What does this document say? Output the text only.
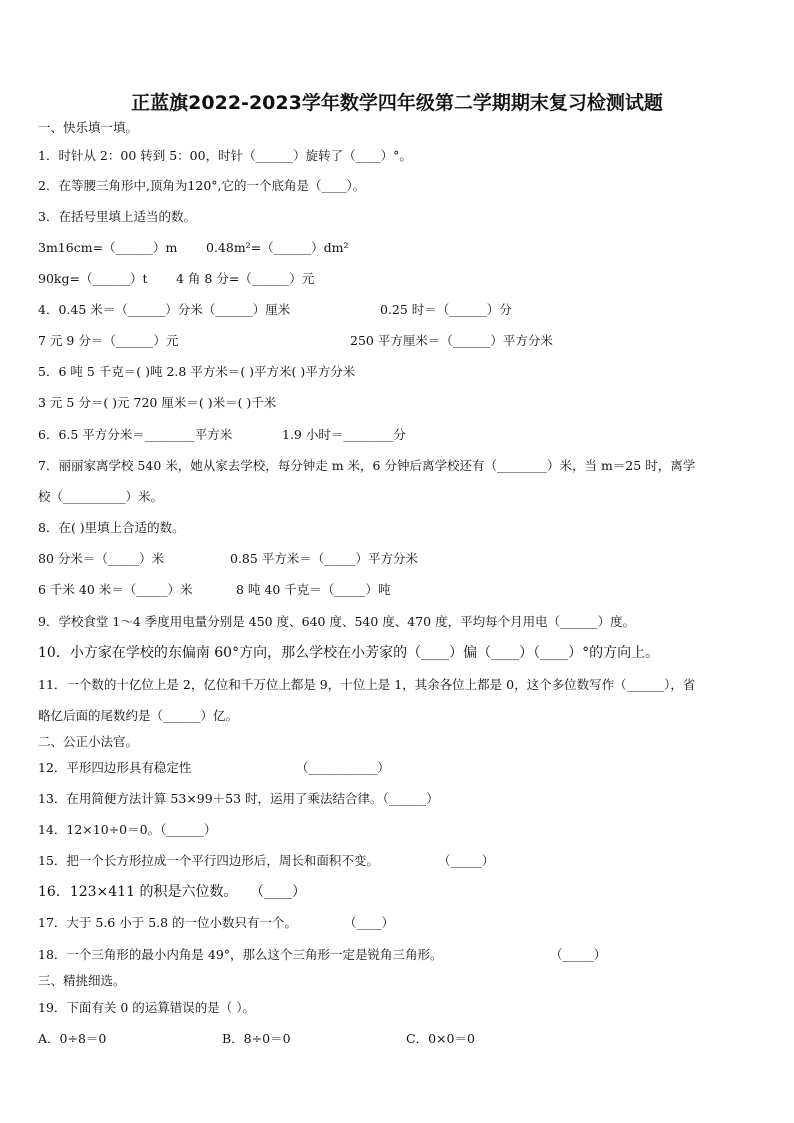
正蓝旗2022-2023学年数学四年级第二学期期末复习检测试题
一、快乐填一填。
1．时针从 2：00 转到 5：00，时针（______）旋转了（____）°。
2．在等腰三角形中,顶角为120°,它的一个底角是（____）。
3．在括号里填上适当的数。
3m16cm=（______）m 0.48m²=（______）dm²
90kg=（______）t 4 角 8 分=（______）元
4．0.45 米＝（______）分米（______）厘米	0.25 时＝（______）分
7 元 9 分＝（______）元	250 平方厘米＝（______）平方分米
5．6 吨 5 千克＝( )吨 2.8 平方米＝( )平方米( )平方分米
3 元 5 分＝( )元 720 厘米＝( )米＝( )千米
6．6.5 平方分米＝________平方米	1.9 小时＝________分
7．丽丽家离学校 540 米，她从家去学校，每分钟走 m 米，6 分钟后离学校还有（________）米，当 m＝25 时，离学
校（__________）米。
8．在( )里填上合适的数。
80 分米＝（_____）米	0.85 平方米＝（_____）平方分米
6 千米 40 米＝（_____）米	8 吨 40 千克＝（_____）吨
9．学校食堂 1～4 季度用电量分别是 450 度、640 度、540 度、470 度，平均每个月用电（______）度。
10．小方家在学校的东偏南 60°方向，那么学校在小芳家的（____）偏（____）（____）°的方向上。
11．一个数的十亿位上是 2，亿位和千万位上都是 9，十位上是 1，其余各位上都是 0，这个多位数写作（______），省
略亿后面的尾数约是（______）亿。
二、公正小法官。
12．平形四边形具有稳定性	（___________）
13．在用简便方法计算 53×99＋53 时，运用了乘法结合律。（______）
14．12×10÷0＝0。（______）
15．把一个长方形拉成一个平行四边形后，周长和面积不变。	（_____）
16．123×411 的积是六位数。 （____）
17．大于 5.6 小于 5.8 的一位小数只有一个。	（____）
18．一个三角形的最小内角是 49°，那么这个三角形一定是锐角三角形。	（_____）
三、精挑细选。
19．下面有关 0 的运算错误的是（ ）。
A．0÷8＝0	B．8÷0＝0	C．0×0＝0
